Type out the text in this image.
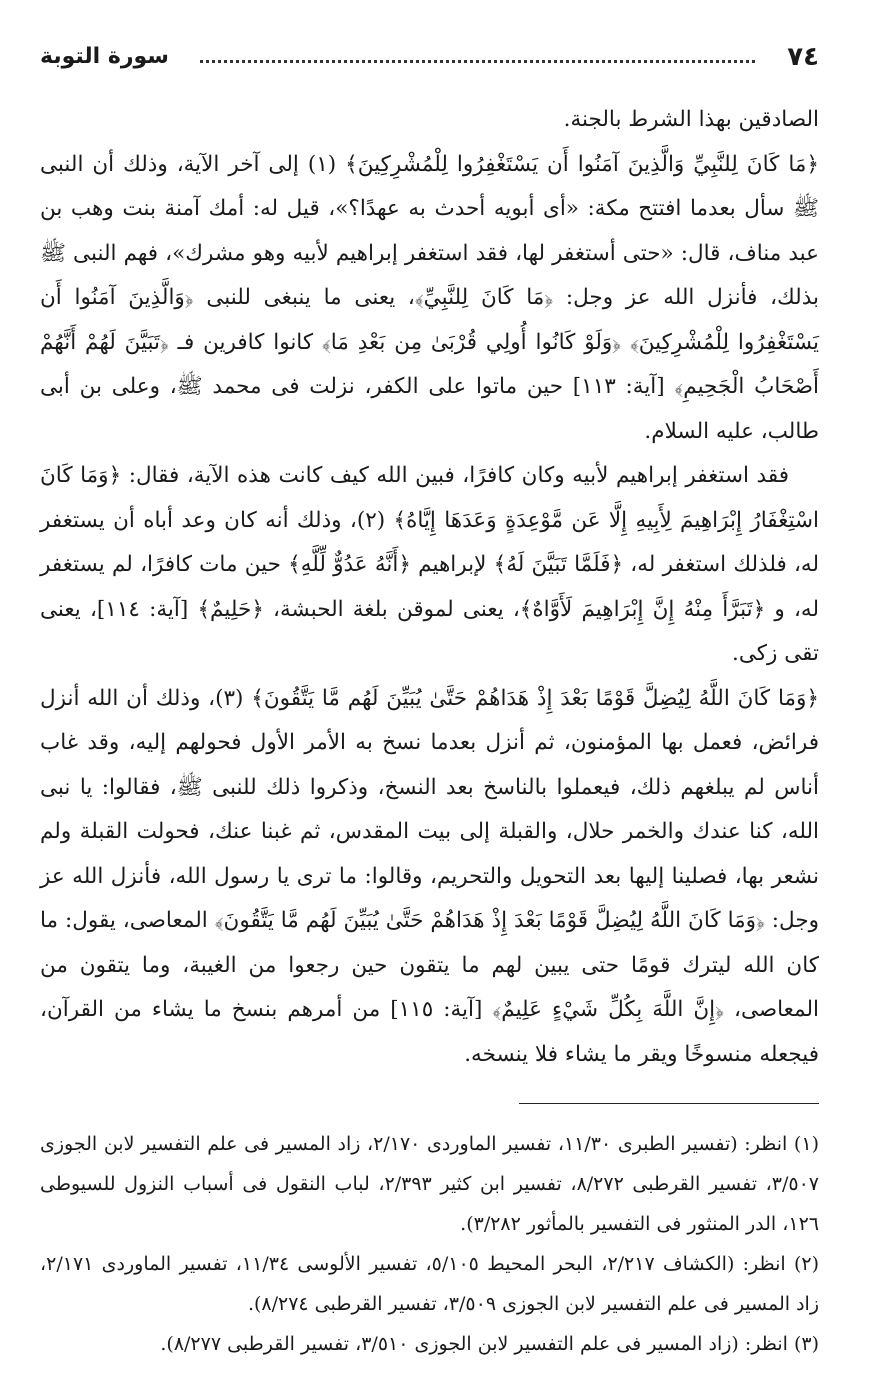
٧٤
سورة التوبة

الصادقين بهذا الشرط بالجنة.

﴿مَا كَانَ لِلنَّبِيِّ وَالَّذِينَ آمَنُوا أَن يَسْتَغْفِرُوا لِلْمُشْرِكِينَ﴾ (١) إلى آخر الآية، وذلك أن النبى ﷺ سأل بعدما افتتح مكة: «أى أبويه أحدث به عهدًا؟»، قيل له: أمك آمنة بنت وهب بن عبد مناف، قال: «حتى أستغفر لها، فقد استغفر إبراهيم لأبيه وهو مشرك»، فهم النبى ﷺ بذلك، فأنزل الله عز وجل: ﴿مَا كَانَ لِلنَّبِيِّ﴾، يعنى ما ينبغى للنبى ﴿وَالَّذِينَ آمَنُوا أَن يَسْتَغْفِرُوا لِلْمُشْرِكِينَ﴾ ﴿وَلَوْ كَانُوا أُولِي قُرْبَىٰ مِن بَعْدِ مَا﴾ كانوا كافرين فـ ﴿تَبَيَّنَ لَهُمْ أَنَّهُمْ أَصْحَابُ الْجَحِيمِ﴾ [آية: ١١٣] حين ماتوا على الكفر، نزلت فى محمد ﷺ، وعلى بن أبى طالب، عليه السلام.

فقد استغفر إبراهيم لأبيه وكان كافرًا، فبين الله كيف كانت هذه الآية، فقال: ﴿وَمَا كَانَ اسْتِغْفَارُ إِبْرَاهِيمَ لِأَبِيهِ إِلَّا عَن مَّوْعِدَةٍ وَعَدَهَا إِيَّاهُ﴾ (٢)، وذلك أنه كان وعد أباه أن يستغفر له، فلذلك استغفر له، ﴿فَلَمَّا تَبَيَّنَ لَهُ﴾ لإبراهيم ﴿أَنَّهُ عَدُوٌّ لِّلَّهِ﴾ حين مات كافرًا، لم يستغفر له، و ﴿تَبَرَّأَ مِنْهُ إِنَّ إِبْرَاهِيمَ لَأَوَّاهٌ﴾، يعنى لموقن بلغة الحبشة، ﴿حَلِيمٌ﴾ [آية: ١١٤]، يعنى تقى زكى.

﴿وَمَا كَانَ اللَّهُ لِيُضِلَّ قَوْمًا بَعْدَ إِذْ هَدَاهُمْ حَتَّىٰ يُبَيِّنَ لَهُم مَّا يَتَّقُونَ﴾ (٣)، وذلك أن الله أنزل فرائض، فعمل بها المؤمنون، ثم أنزل بعدما نسخ به الأمر الأول فحولهم إليه، وقد غاب أناس لم يبلغهم ذلك، فيعملوا بالناسخ بعد النسخ، وذكروا ذلك للنبى ﷺ، فقالوا: يا نبى الله، كنا عندك والخمر حلال، والقبلة إلى بيت المقدس، ثم غبنا عنك، فحولت القبلة ولم نشعر بها، فصلينا إليها بعد التحويل والتحريم، وقالوا: ما ترى يا رسول الله، فأنزل الله عز وجل: ﴿وَمَا كَانَ اللَّهُ لِيُضِلَّ قَوْمًا بَعْدَ إِذْ هَدَاهُمْ حَتَّىٰ يُبَيِّنَ لَهُم مَّا يَتَّقُونَ﴾ المعاصى، يقول: ما كان الله ليترك قومًا حتى يبين لهم ما يتقون حين رجعوا من الغيبة، وما يتقون من المعاصى، ﴿إِنَّ اللَّهَ بِكُلِّ شَيْءٍ عَلِيمٌ﴾ [آية: ١١٥] من أمرهم بنسخ ما يشاء من القرآن، فيجعله منسوخًا ويقر ما يشاء فلا ينسخه.

(١) انظر: (تفسير الطبرى ١١/٣٠، تفسير الماوردى ٢/١٧٠، زاد المسير فى علم التفسير لابن الجوزى ٣/٥٠٧، تفسير القرطبى ٨/٢٧٢، تفسير ابن كثير ٢/٣٩٣، لباب النقول فى أسباب النزول للسيوطى ١٢٦، الدر المنثور فى التفسير بالمأثور ٣/٢٨٢).

(٢) انظر: (الكشاف ٢/٢١٧، البحر المحيط ٥/١٠٥، تفسير الألوسى ١١/٣٤، تفسير الماوردى ٢/١٧١، زاد المسير فى علم التفسير لابن الجوزى ٣/٥٠٩، تفسير القرطبى ٨/٢٧٤).

(٣) انظر: (زاد المسير فى علم التفسير لابن الجوزى ٣/٥١٠، تفسير القرطبى ٨/٢٧٧).
